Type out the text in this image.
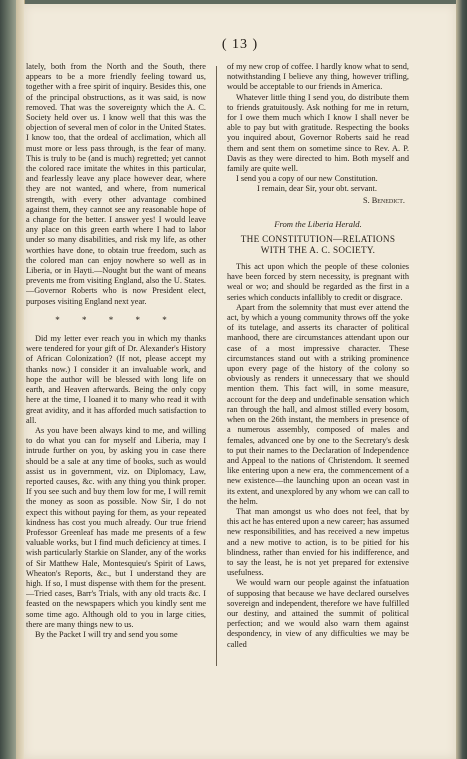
( 13 )

lately, both from the North and the South, there appears to be a more friendly feeling toward us, together with a free spirit of inquiry. Besides this, one of the principal obstructions, as it was said, is now removed. That was the sovereignty which the A. C. Society held over us. I know well that this was the objection of several men of color in the United States. I know too, that the ordeal of acclimation, which all must more or less pass through, is the fear of many. This is truly to be (and is much) regretted; yet cannot the colored race imitate the whites in this particular, and fearlessly leave any place however dear, where they are not wanted, and where, from numerical strength, with every other advantage combined against them, they cannot see any reasonable hope of a change for the better. I answer yes! I would leave any place on this green earth where I had to labor under so many disabilities, and risk my life, as other worthies have done, to obtain true freedom, such as the colored man can enjoy nowhere so well as in Liberia, or in Hayti.—Nought but the want of means prevents me from visiting England, also the U. States.—Governor Roberts who is now President elect, purposes visiting England next year.

* * * * *

Did my letter ever reach you in which my thanks were tendered for your gift of Dr. Alexander's History of African Colonization? (If not, please accept my thanks now.) I consider it an invaluable work, and hope the author will be blessed with long life on earth, and Heaven afterwards. Being the only copy here at the time, I loaned it to many who read it with great avidity, and it has afforded much satisfaction to all.

As you have been always kind to me, and willing to do what you can for myself and Liberia, may I intrude further on you, by asking you in case there should be a sale at any time of books, such as would assist us in government, viz. on Diplomacy, Law, reported causes, &c. with any thing you think proper. If you see such and buy them low for me, I will remit the money as soon as possible. Now Sir, I do not expect this without paying for them, as your repeated kindness has cost you much already. Our true friend Professor Greenleaf has made me presents of a few valuable works, but I find much deficiency at times. I wish particularly Starkie on Slander, any of the works of Sir Matthew Hale, Montesquieu's Spirit of Laws, Wheaton's Reports, &c., but I understand they are high. If so, I must dispense with them for the present.—Tried cases, Barr's Trials, with any old tracts &c. I feasted on the newspapers which you kindly sent me some time ago. Although old to you in large cities, there are many things new to us.

By the Packet I will try and send you some

of my new crop of coffee. I hardly know what to send, notwithstanding I believe any thing, however trifling, would be acceptable to our friends in America.

Whatever little thing I send you, do distribute them to friends gratuitously. Ask nothing for me in return, for I owe them much which I know I shall never be able to pay but with gratitude. Respecting the books you inquired about, Governor Roberts said he read them and sent them on sometime since to Rev. A. P. Davis as they were directed to him. Both myself and family are quite well.

I send you a copy of our new Constitution.

I remain, dear Sir, your obt. servant.

S. Benedict.
From the Liberia Herald.
THE CONSTITUTION—RELATIONS WITH THE A. C. SOCIETY.

This act upon which the people of these colonies have been forced by stern necessity, is pregnant with weal or wo; and should be regarded as the first in a series which conducts infallibly to credit or disgrace.

Apart from the solemnity that must ever attend the act, by which a young community throws off the yoke of its tutelage, and asserts its character of political manhood, there are circumstances attendant upon our case of a most impressive character. These circumstances stand out with a striking prominence upon every page of the history of the colony so obviously as renders it unnecessary that we should mention them. This fact will, in some measure, account for the deep and undefinable sensation which ran through the hall, and almost stilled every bosom, when on the 26th instant, the members in presence of a numerous assembly, composed of males and females, advanced one by one to the Secretary's desk to put their names to the Declaration of Independence and Appeal to the nations of Christendom. It seemed like entering upon a new era, the commencement of a new existence—the launching upon an ocean vast in its extent, and unexplored by any whom we can call to the helm.

That man amongst us who does not feel, that by this act he has entered upon a new career; has assumed new responsibilities, and has received a new impetus and a new motive to action, is to be pitied for his blindness, rather than envied for his indifference, and to say the least, he is not yet prepared for extensive usefulness.

We would warn our people against the infatuation of supposing that because we have declared ourselves sovereign and independent, therefore we have fulfilled our destiny, and attained the summit of political perfection; and we would also warn them against despondency, in view of any difficulties we may be called
